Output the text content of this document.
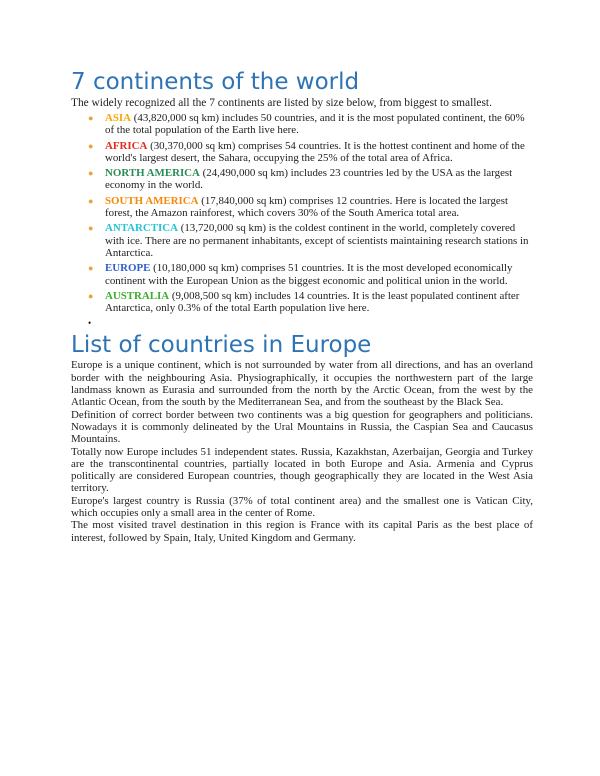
7 continents of the world

The widely recognized all the 7 continents are listed by size below, from biggest to smallest.

● ASIA (43,820,000 sq km) includes 50 countries, and it is the most populated continent, the 60% of the total population of the Earth live here.
● AFRICA (30,370,000 sq km) comprises 54 countries. It is the hottest continent and home of the world's largest desert, the Sahara, occupying the 25% of the total area of Africa.
● NORTH AMERICA (24,490,000 sq km) includes 23 countries led by the USA as the largest economy in the world.
● SOUTH AMERICA (17,840,000 sq km) comprises 12 countries. Here is located the largest forest, the Amazon rainforest, which covers 30% of the South America total area.
● ANTARCTICA (13,720,000 sq km) is the coldest continent in the world, completely covered with ice. There are no permanent inhabitants, except of scientists maintaining research stations in Antarctica.
● EUROPE (10,180,000 sq km) comprises 51 countries. It is the most developed economically continent with the European Union as the biggest economic and political union in the world.
● AUSTRALIA (9,008,500 sq km) includes 14 countries. It is the least populated continent after Antarctica, only 0.3% of the total Earth population live here.
•
List of countries in Europe

Europe is a unique continent, which is not surrounded by water from all directions, and has an overland border with the neighbouring Asia. Physiographically, it occupies the northwestern part of the large landmass known as Eurasia and surrounded from the north by the Arctic Ocean, from the west by the Atlantic Ocean, from the south by the Mediterranean Sea, and from the southeast by the Black Sea.

Definition of correct border between two continents was a big question for geographers and politicians. Nowadays it is commonly delineated by the Ural Mountains in Russia, the Caspian Sea and Caucasus Mountains.

Totally now Europe includes 51 independent states. Russia, Kazakhstan, Azerbaijan, Georgia and Turkey are the transcontinental countries, partially located in both Europe and Asia. Armenia and Cyprus politically are considered European countries, though geographically they are located in the West Asia territory.

Europe's largest country is Russia (37% of total continent area) and the smallest one is Vatican City, which occupies only a small area in the center of Rome.

The most visited travel destination in this region is France with its capital Paris as the best place of interest, followed by Spain, Italy, United Kingdom and Germany.
